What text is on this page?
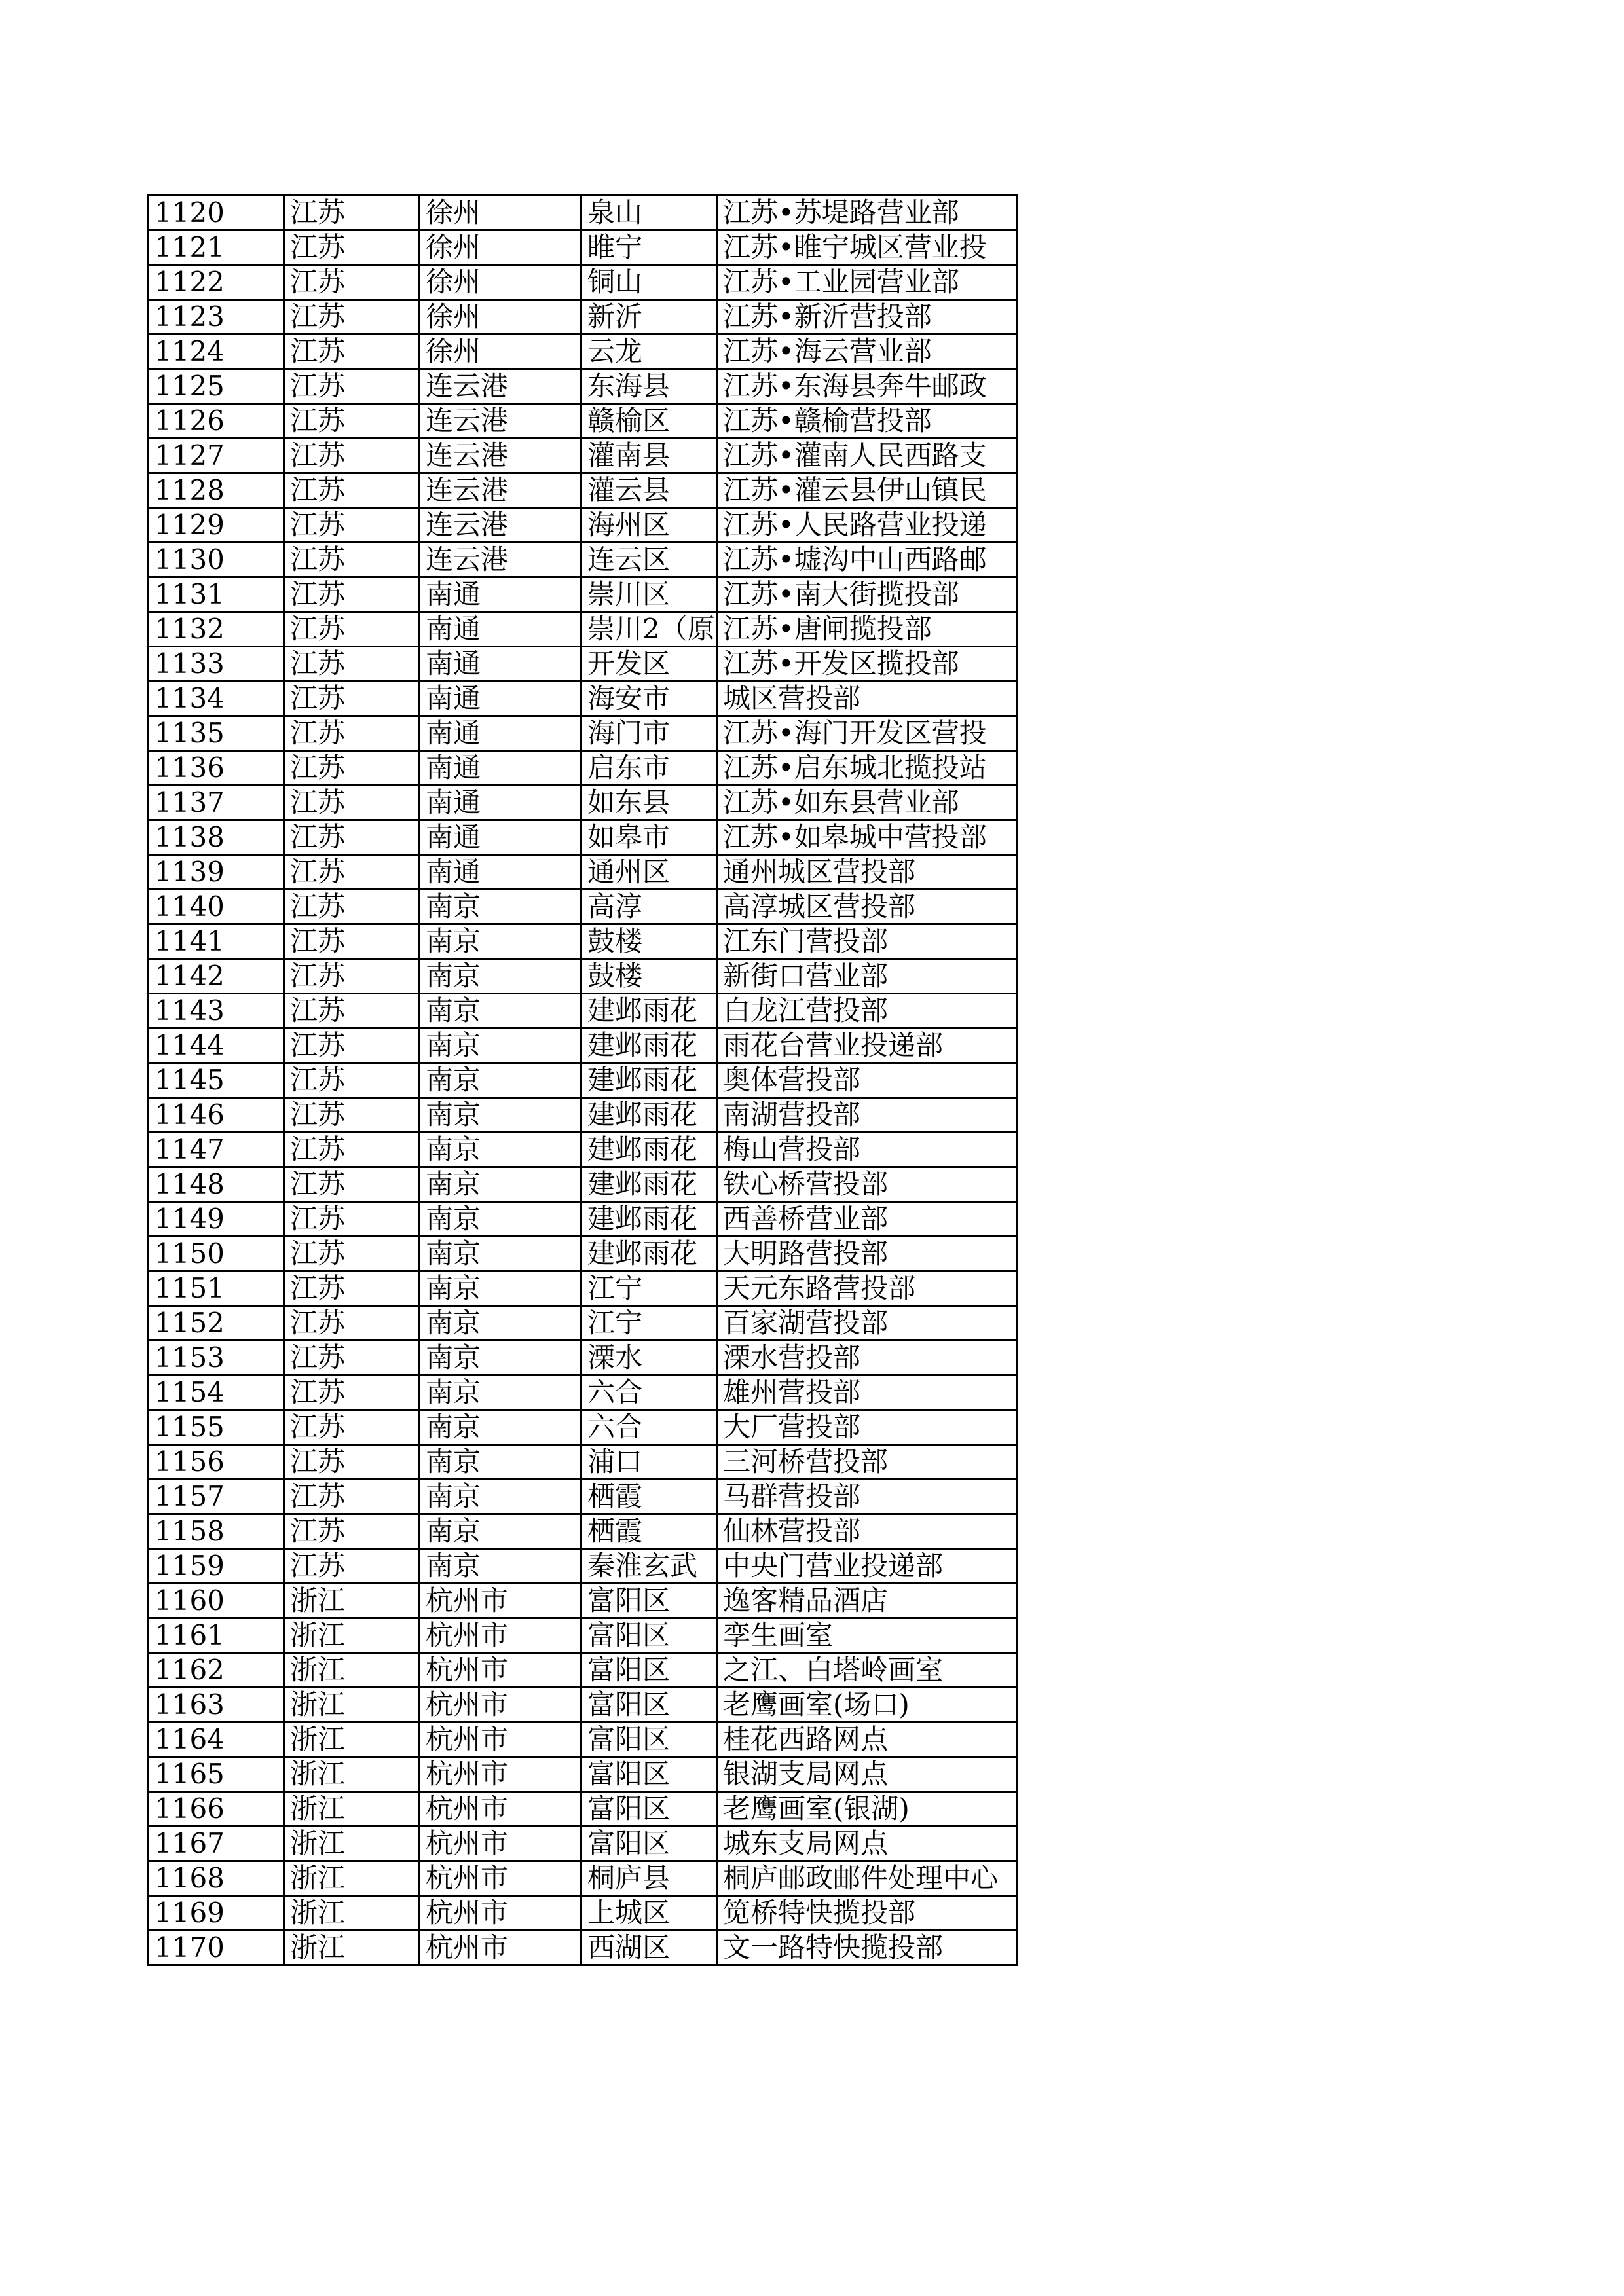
1120	江苏	徐州	泉山	江苏•苏堤路营业部
1121	江苏	徐州	睢宁	江苏•睢宁城区营业投
1122	江苏	徐州	铜山	江苏•工业园营业部
1123	江苏	徐州	新沂	江苏•新沂营投部
1124	江苏	徐州	云龙	江苏•海云营业部
1125	江苏	连云港	东海县	江苏•东海县奔牛邮政
1126	江苏	连云港	赣榆区	江苏•赣榆营投部
1127	江苏	连云港	灌南县	江苏•灌南人民西路支
1128	江苏	连云港	灌云县	江苏•灌云县伊山镇民
1129	江苏	连云港	海州区	江苏•人民路营业投递
1130	江苏	连云港	连云区	江苏•墟沟中山西路邮
1131	江苏	南通	崇川区	江苏•南大街揽投部
1132	江苏	南通	崇川2（原	江苏•唐闸揽投部
1133	江苏	南通	开发区	江苏•开发区揽投部
1134	江苏	南通	海安市	城区营投部
1135	江苏	南通	海门市	江苏•海门开发区营投
1136	江苏	南通	启东市	江苏•启东城北揽投站
1137	江苏	南通	如东县	江苏•如东县营业部
1138	江苏	南通	如皋市	江苏•如皋城中营投部
1139	江苏	南通	通州区	通州城区营投部
1140	江苏	南京	高淳	高淳城区营投部
1141	江苏	南京	鼓楼	江东门营投部
1142	江苏	南京	鼓楼	新街口营业部
1143	江苏	南京	建邺雨花	白龙江营投部
1144	江苏	南京	建邺雨花	雨花台营业投递部
1145	江苏	南京	建邺雨花	奥体营投部
1146	江苏	南京	建邺雨花	南湖营投部
1147	江苏	南京	建邺雨花	梅山营投部
1148	江苏	南京	建邺雨花	铁心桥营投部
1149	江苏	南京	建邺雨花	西善桥营业部
1150	江苏	南京	建邺雨花	大明路营投部
1151	江苏	南京	江宁	天元东路营投部
1152	江苏	南京	江宁	百家湖营投部
1153	江苏	南京	溧水	溧水营投部
1154	江苏	南京	六合	雄州营投部
1155	江苏	南京	六合	大厂营投部
1156	江苏	南京	浦口	三河桥营投部
1157	江苏	南京	栖霞	马群营投部
1158	江苏	南京	栖霞	仙林营投部
1159	江苏	南京	秦淮玄武	中央门营业投递部
1160	浙江	杭州市	富阳区	逸客精品酒店
1161	浙江	杭州市	富阳区	孪生画室
1162	浙江	杭州市	富阳区	之江、白塔岭画室
1163	浙江	杭州市	富阳区	老鹰画室(场口)
1164	浙江	杭州市	富阳区	桂花西路网点
1165	浙江	杭州市	富阳区	银湖支局网点
1166	浙江	杭州市	富阳区	老鹰画室(银湖)
1167	浙江	杭州市	富阳区	城东支局网点
1168	浙江	杭州市	桐庐县	桐庐邮政邮件处理中心
1169	浙江	杭州市	上城区	笕桥特快揽投部
1170	浙江	杭州市	西湖区	文一路特快揽投部
